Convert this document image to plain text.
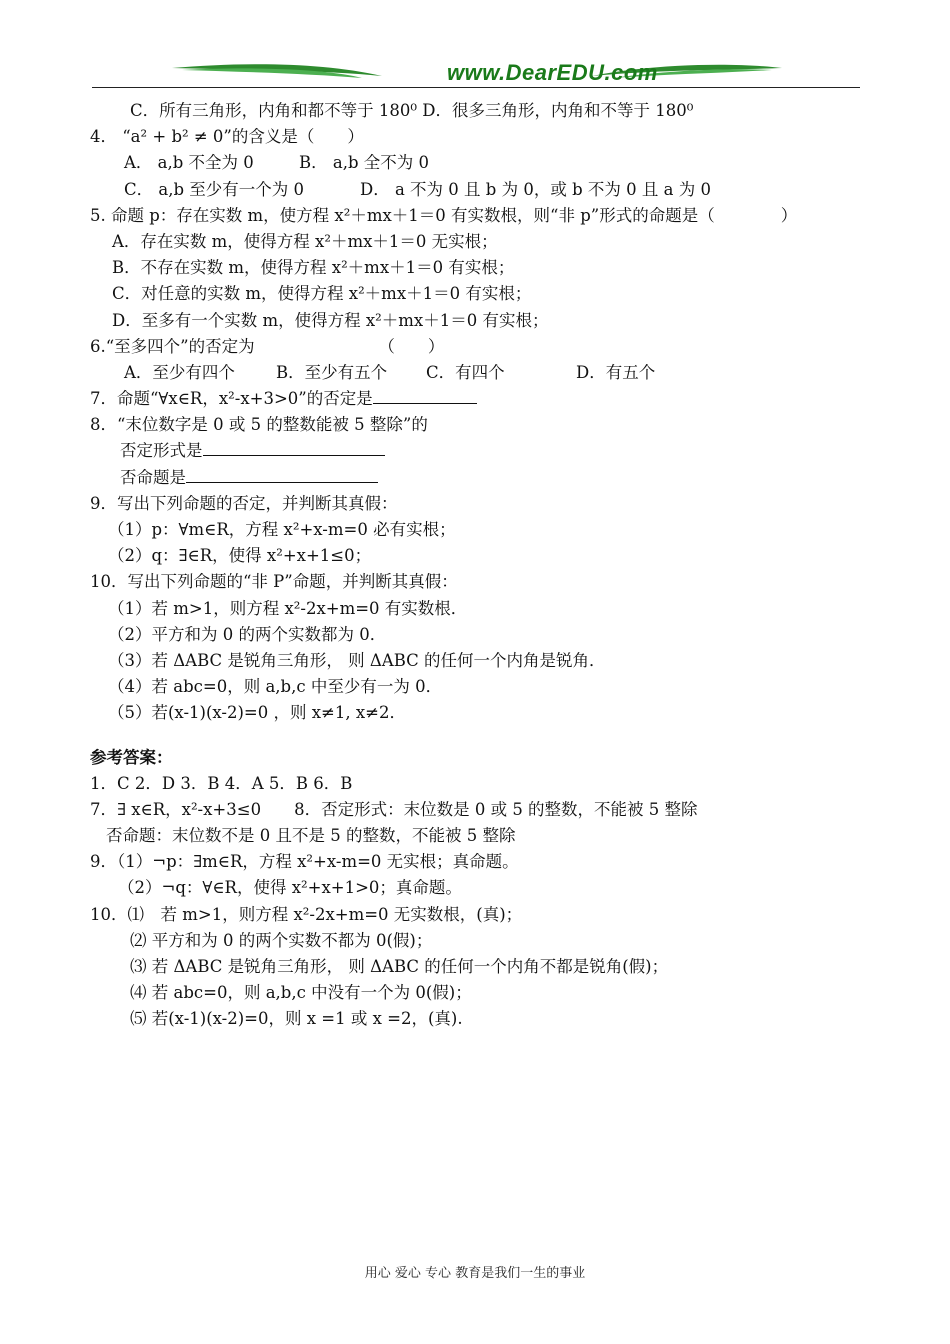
www.DearEDU.com
C．所有三角形，内角和都不等于 180⁰ D．很多三角形，内角和不等于 180⁰
4． “a² + b² ≠ 0”的含义是（　　）
A． a,b 不全为 0	B． a,b 全不为 0
C． a,b 至少有一个为 0	D． a 不为 0 且 b 为 0，或 b 不为 0 且 a 为 0
5. 命题 p：存在实数 m，使方程 x²＋mx＋1＝0 有实数根，则“非 p”形式的命题是（　　　　）
A．存在实数 m，使得方程 x²＋mx＋1＝0 无实根；
B．不存在实数 m，使得方程 x²＋mx＋1＝0 有实根；
C．对任意的实数 m，使得方程 x²＋mx＋1＝0 有实根；
D．至多有一个实数 m，使得方程 x²＋mx＋1＝0 有实根；
6.“至多四个”的否定为　　　　　　　　（　　）
A．至少有四个 B．至少有五个 C．有四个	D．有五个
7．命题“∀x∈R，x²-x+3>0”的否定是
8．“末位数字是 0 或 5 的整数能被 5 整除”的
否定形式是
否命题是
9．写出下列命题的否定，并判断其真假：
（1）p：∀m∈R，方程 x²+x-m=0 必有实根；
（2）q：∃∈R，使得 x²+x+1≤0；
10．写出下列命题的“非 P”命题，并判断其真假：
（1）若 m>1，则方程 x²-2x+m=0 有实数根．
（2）平方和为 0 的两个实数都为 0．
（3）若 ΔABC 是锐角三角形， 则 ΔABC 的任何一个内角是锐角．
（4）若 abc=0，则 a,b,c 中至少有一为 0．
（5）若(x-1)(x-2)=0 ，则 x≠1, x≠2．
参考答案：
1．C 2．D 3．B 4．A 5．B 6．B
7．∃ x∈R，x²-x+3≤0　　8．否定形式：末位数是 0 或 5 的整数，不能被 5 整除
否命题：末位数不是 0 且不是 5 的整数，不能被 5 整除
9．（1）¬p：∃m∈R，方程 x²+x-m=0 无实根；真命题。
（2）¬q：∀∈R，使得 x²+x+1>0；真命题。
10．⑴　若 m>1，则方程 x²-2x+m=0 无实数根，(真)；
⑵ 平方和为 0 的两个实数不都为 0(假)；
⑶ 若 ΔABC 是锐角三角形， 则 ΔABC 的任何一个内角不都是锐角(假)；
⑷ 若 abc=0，则 a,b,c 中没有一个为 0(假)；
⑸ 若(x-1)(x-2)=0，则 x =1 或 x =2，(真).
用心 爱心 专心 教育是我们一生的事业
